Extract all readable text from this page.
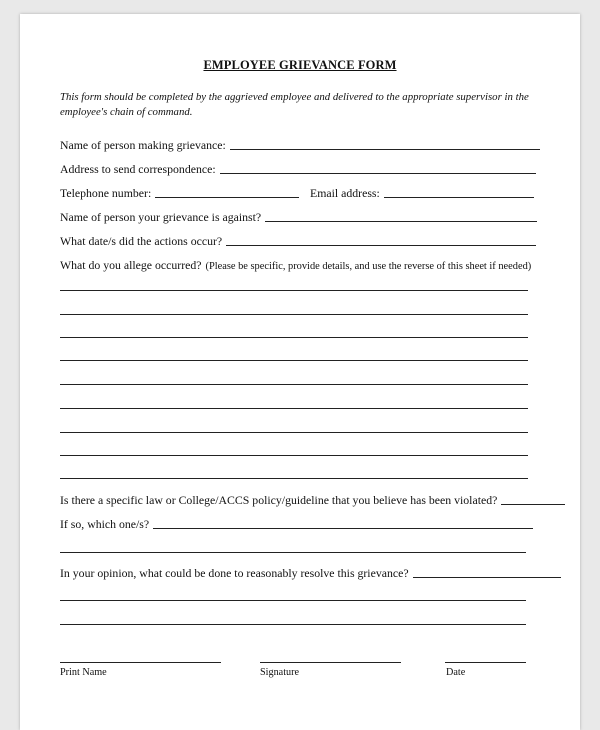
EMPLOYEE GRIEVANCE FORM
This form should be completed by the aggrieved employee and delivered to the appropriate supervisor in the employee's chain of command.
Name of person making grievance:
Address to send correspondence:
Telephone number:	Email address:
Name of person your grievance is against?
What date/s did the actions occur?
What do you allege occurred? (Please be specific, provide details, and use the reverse of this sheet if needed)
Is there a specific law or College/ACCS policy/guideline that you believe has been violated?
If so, which one/s?
In your opinion, what could be done to reasonably resolve this grievance?
Print Name	Signature	Date
